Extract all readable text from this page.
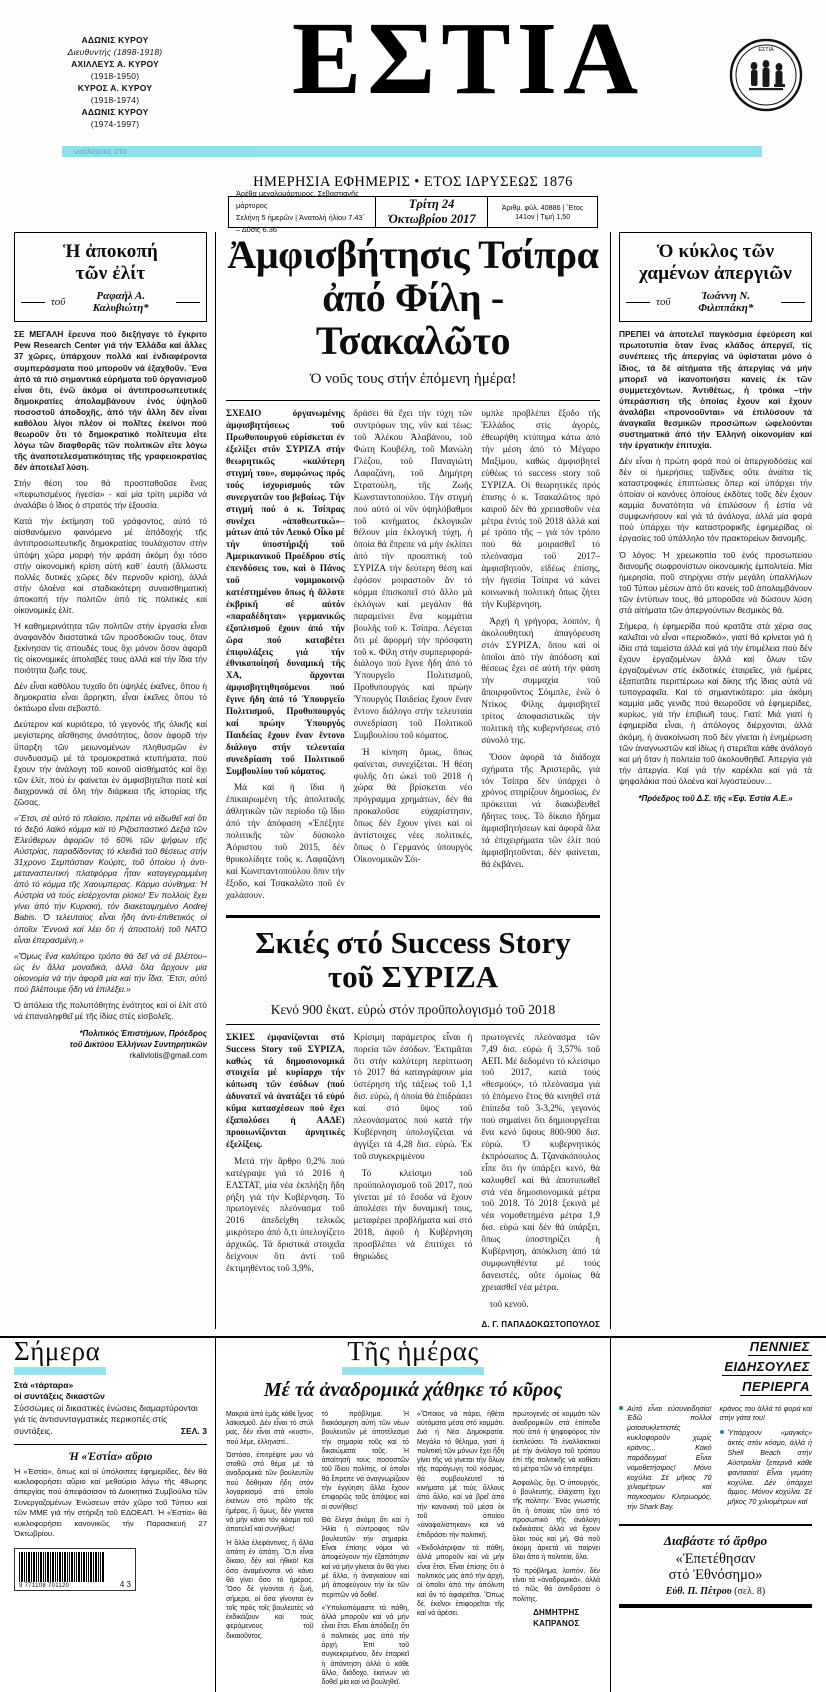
ΑΔΩΝΙΣ ΚΥΡΟΥ
Διευθυντής (1898-1918)
ΑΧΙΛΛΕΥΣ Α. ΚΥΡΟΥ
(1918-1950)
ΚΥΡΟΣ Α. ΚΥΡΟΥ
(1918-1974)
ΑΔΩΝΙΣ ΚΥΡΟΥ
(1974-1997)
ΕΣΤΙΑ	ΕΣΤΙΑ
ναύλοχους στο
ΗΜΕΡΗΣΙΑ ΕΦΗΜΕΡΙΣ • ΕΤΟΣ ΙΔΡΥΣΕΩΣ 1876
Ἀρέθα μεγαλομάρτυρος. Σεβαστιανῆς μάρτυρος
Σελήνη 5 ἡμερῶν | Ἀνατολή ἡλίου 7.43΄ – Δύσις 6.36΄
Τρίτη 24 Ὀκτωβρίου 2017
Ἀριθμ. φύλ. 40886 | Ἔτος 141ον | Τιμή 1,50
Ἡ ἀποκοπή
τῶν ἐλίτ
τοῦ	Ραφαήλ Α. Καλυβιώτη*

ΣΕ ΜΕΓΑΛΗ ἔρευνα πού διεξήγαγε τό ἔγκριτο Pew Research Center γιά τήν Ἑλλάδα καί ἄλλες 37 χῶρες, ὑπάρχουν πολλά καί ἐνδιαφέροντα συμπεράσματα πού μποροῦν νά ἐξαχθοῦν. Ἕνα ἀπό τά πιό σημαντικά εὑρήματα τοῦ ὀργανισμοῦ εἶναι ὅτι, ἐνῶ ἀκόμα οἱ ἀντιπροσωπευτικές δημοκρατίες ἀπολαμβάνουν ἑνός ὑψηλοῦ ποσοστοῦ ἀποδοχῆς, ἀπό τήν ἄλλη δέν εἶναι καθόλου λίγοι πλέον οἱ πολῖτες ἐκείνοι πού θεωροῦν ὅτι τό δημοκρατικό πολίτευμα εἴτε λόγω τῶν διαφθορᾶς τῶν πολιτικῶν εἴτε λόγω τῆς ἀναποτελεσματικότητας τῆς γραφειοκρατίας δέν ἀποτελεῖ λύση.

Στήν θέση του θά προσπαθοῦσε ἕνας «πεφωτισμένος ἡγεσία» - καί μία τρίτη μερίδα νά ἀναλάβει ὁ ἴδιος ὁ στρατός τήν ἐξουσία.

Κατά τήν ἐκτίμηση τοῦ γράφοντος, αὐτό τό αἰσθανόμενο φαινόμενο μέ ἀπόδοχής τῆς ἀντιπροσωπευτικῆς δημοκρατίας τουλάχιστον στήν ὑπόψη χώρα μορφή τήν φράση ἀκόμη ὅχι τόσο στήν οἰκονομική κρίση αὐτή καθ᾽ ἑαυτή (ἄλλωστε πολλές δυτικές χῶρες δέν περνοῦν κρίση), ἀλλά στήν ὁλοένα καί σταδιακότερη συναισθηματική ἀποκοπή τήν πολιτῶν ἀπό τίς πολιτικές καί οἰκονομικές ἐλίτ.

Ἡ καθημερινότητα τῶν πολιτῶν στήν ἐργασία εἶναι ἀναφανδόν διαστατικά τῶν προσδοκιῶν τους, ὅταν ξεκίνησαν τίς σπουδές τους ὄχι μόνον ὅσον ἀφορᾶ τίς οἰκονομικές ἀπολαβές τους ἀλλά καί τήν ἴδια τήν ποιότητα ζωῆς τους.

Δέν εἶναι καθόλου τυχαῖο ὅτι ὑψηλές ἐκεῖνες, ὅπου ἡ δημοκρατία εἶναι ἄρρηκτη, εἶναι ἐκεῖνες ὅπου τό ὀκτάωρο εἶναι σεβαστό.

Δεύτερον καί κυριότερο, τό γεγονός τῆς ὁλικῆς καί μεγίστερης αἴσθησης ἀνισότητος, ὅσον ἀφορᾶ τήν ὕπαρξη τῶν μειωνομένων πληθυσμῶν ἐν συνδυασμῷ μέ τά τρομοκρατικά κτυπήματα, πού ἔχουν τήν ἀνάλογη τοῦ κοινοῦ αἰσθήματός καί ὄχι τῶν ἐλίτ, πού ἐν φαίνεται ἐν ἀμφισβητεῖται ποτέ καί διαχρονικά σέ ὅλη τήν διάρκεια τῆς ἱστορίας τῆς ζῶσας.

«Ἔτσι, σέ αὐτό τό πλαίσιο, πρέπει νά εἰδωθεῖ καί ὅτι τό δεξιό λαϊκό κόμμα καί τό Ριζοσπαστικό Δεξιά τῶν Ἐλεύθερων ἀφορῶν τό 60% τῶν ψήφων τῆς Αὐστρίας, παραδίδοντας τό κλειδιά τοῦ θέσεως στήν 31χρονο Σεμπάστιαν Κούρτς, τοῦ ὁποίου ἡ ἀντι-μεταναστευτική πλατφόρμα ἦταν καταγεγραμμένη ἀπό τό κόμμα τῆς Χαουμπερας. Κάρμο σύνθημα: Ἡ Αὐστρία νά τούς εἰσέρχονται ρίσκο! Ἐν πολλοίς ἔχει γίνει ἀπό τήν Κυριακή, τόν διακεταιμημένο Andrej Babis. Ὁ τελευταίος εἶναι ἤδη ἀντι-ἐπιθετικός οἱ ὁποῖοι Ἔννοιά καί λέει ὅτι ἡ ἀποστολή τοῦ ΝΑΤΟ εἶναι ἐπερασμένη.»

«Ὅμως ἕνα καλύτερο τρόπο θά δεῖ νά σέ βλέπου–ὡς ἐν ἄλλα μοναδικά, ἀλλά ὅλα ἄρχουν μία οἰκονομία νά τήν ἀφορᾶ μία καί τήν ἴδια. Ἔτσι, αὐτό πού βλέπουμε ἤδη νά ἐπιλέξει.»

Ὁ ἀπόλεια τῆς πολυπόθητης ἑνότητος καί οἱ ἐλίτ στό νά ἐπαναληφθεῖ μέ τῆς ἰδίας στές εἰσβολεῖς.

*Πολιτικός Ἐπιστήμων, Πρόεδρος
τοῦ Δικτύου Ἑλλήνων Συντηρητικῶν
rkalivlotis@gmail.com
Ἀμφισβήτησις Τσίπρα
ἀπό Φίλη - Τσακαλῶτο
Ὁ νοῦς τους στήν ἐπόμενη ἡμέρα!

ΣΧΕΔΙΟ ὀργανωμένης ἀμφισβητήσεως τοῦ Πρωθυπουργοῦ εὑρίσκεται ἐν ἐξελίξει στόν ΣΥΡΙΖΑ στήν θεωρητικῶς «καλύτερη στιγμή του», συμφώνως πρός τούς ἰσχυρισμούς τῶν συνεργατῶν του βεβαίως. Τήν στιγμή πού ὁ κ. Τσίπρας συνέχει «ἀποθεωτικώ»– μάτων ἀπό τόν Λευκό Οἶκο μέ τήν ὑποστήριξή τοῦ Ἀμερικανικοῦ Προέδρου στίς ἐπενδύσεις του, καί ὁ Πάνος τοῦ νομιμοκοινῷ κατέστημένου ὅπως ἡ ἄλλοτε ἐκβρικῆ σέ αὐτόν «παραδέδηται» γερμανικῶς ἐξοπλισμοῦ ἔχουν ἀπό τήν ὥρα πού καταβέτει ἐπιφυλάξεις γιά τήν ἐθνικοποίησή δυναμική τῆς ΧΑ, ἄρχονται ἀμφισβητηθησόμενοι πού ἔγινε ἤδη ἀπό τό Ὑπουργεῖο Πολιτισμοῦ, Προθυπουργός καί πρώην Ὑπουργός Παιδείας ἔχουν ἕναν ἕντονο διάλογο στήν τελευταία συνεδρίαση τοῦ Πολιτικοῦ Συμβουλίου τοῦ κόματος.

Μά καί ἡ ἴδια ἡ ἐπικαιρωμένη τῆς ἀπολιτικῆς ἀθλητικῶν τῶν περίοδο τῷ ἴδιο ἀπό τήν ἀπόφαση «Ἐπέξητε πολιτικῆς τῶν δύσκολο Ἀόριστου τοῦ 2015, δέν θρυκολίδητε τοῦς κ. Λαφαζάνη καί Κωνσταντοπούλου ὅπιν τήν ἔξοδο, καί Τσακαλῶτο ποῦ ἐν χαλάσουν.

δράσει θά ἔχει τήν τύχη τῶν συντρόφων της, νῦν καί τέως: τοῦ Ἀλέκου Ἀλαβάνου, τοῦ Φώτη Κουβέλη, τοῦ Μανώλη Γλέζου, τοῦ Παναγιώτη Λαφαζάνη, τοῦ Δημήτρη Στρατούλη, τῆς Ζωῆς Κωνσταντοπούλου. Τήν στιγμή πού αὐτό οἱ νῦν ὑψηλόβαθμοι τοῦ κινήματος ἐκλογικῶν θέλουν μία ἐκλογική τύχη, ἡ ὁποία θά ἔπρεπε νά μήν ἐκλίπει ἀπό τήν προοπτική τοῦ ΣΥΡΙΖΑ τήν δεύτερη θέση καί ἐφόσον μοιραστοῦν ἄν τό κόμμα ἐπισκοπεῖ στό ἄλλο μά ἐκλόγων καί μεγάλον θά παραμείνει ἕνα κομμάτια βουλῆς τοῦ κ. Τσίπρα. Λέγεται ὅτι μέ ἄφορμή τήν πρόσφατη τοῦ κ. Φίλη στήν συμπεριφορά-διάλογο πού ἔγινε ἤδη ἀπό τό Ὑπουργεῖο Πολιτισμοῦ, Προθυπουργός καί πρώην Ὑπουργός Παιδείας ἔχουν ἕναν ἕντονο διάλογο στήν τελευταία συνεδρίαση τοῦ Πολιτικοῦ Συμβουλίου τοῦ κόματος.

Ἡ κίνηση ὅμως, ὅπως φαίνεται, συνεχίζεται. Ἡ θέση φυλῆς ὅτι ὠκεὶ τοῦ 2018 ἡ χώρα θά βρίσκεται νέο πρόγραμμα χρημάτων, δέν θά προκαλοῦσε εὐχαρίστησιν, ὅπως δέν ἔχουν γίνει καί οἱ ἀντίστοιχες νέες πολιτικές, ὅπως ὁ Γερμανός ὑπουργός Οἰκονομικῶν Σόι-

υμπλε προβλέπει ἔξοδο τῆς Ἑλλάδος στίς ἀγορές, ἐθεωρήθη κτύπημα κάτω ἀπό τήν μέση ἀπό τό Μέγαρο Μαξίμου, καθώς ἀμφισβητεῖ εὐθέως τό success story τοῦ ΣΥΡΙΖΑ. Οἱ θεωρητικές πρός ἐπισης ὁ κ. Τσακαλῶτος πρό καιροῦ δέν θά χρειασθοῦν νέα μέτρα ἐντός τοῦ 2018 ἀλλά καί μέ τρόπο τῆς – γιά τόν τρόπο πού θά μοιρασθεῖ τό πλεόνασμα τοῦ 2017– ἀμφισβητοῦν, εἰδέως ἐπίσης, τήν ἡγεσία Τσίπρα νά κάνει κοινωνική πολιτική ὅπως ζήτει τήν Κυβέρνηση.

Ἁρχή ἡ γρήγορα, λοιπόν, ἡ ἀκολουθητική ἀπαγόρευση στόν ΣΥΡΙΖΑ, ὅπου καί οἱ ὁποῖοι ἀπό τήν ἀπόδοση καί θέσεως ἔχει σέ αὐτή τήν φάση τήν συμμαχία τοῦ ἄποιρφοῦντος Σόιμπλε, ἐνῶ ὁ Ντίκος Φίλης ἀμφισβητεῖ τρίτος ἀποφασιστικῶς τήν πολιτική τῆς κυβερνήσεως στό σύνολό της.

Ὅσον ἀφορᾶ τά διάδοχα σχήματα τῆς Ἀριστερᾶς, γιά τόν Τσίπρα δέν ὑπάρχει ὁ χρόνος στηρίζουν δημοσίως, ἐν πρόκειται νά διακυβευθεῖ ἤδητες τους. Τό δίκαιο ἤδημα ἀμφισβητήσεων καί ἀφορᾶ ὅλα τά ἐπιχειρήματα τῶν ἐλίτ πού ἀμφισβητοῦνται, δέν φαίνεται, θά ἐκβάνει.

Σκιές στό Success Story
τοῦ ΣΥΡΙΖΑ
Κενό 900 ἑκατ. εὐρώ στόν προϋπολογισμό τοῦ 2018

ΣΚΙΕΣ ἐμφανίζονται στό Success Story τοῦ ΣΥΡΙΖΑ, καθώς τά δημοσιονομικά στοιχεῖα μέ κυρίαρχο τήν κόπωση τῶν ἐσόδων (πού ἀδυνατεῖ νά ἀνατάξει τό εὐρύ κῦμα κατασχέσεων πού ἔχει ἐξαπολύσει ἡ ΑΑΔΕ) προοιωνίζονται ἀρνητικές ἐξελίξεις.

Μετά τήν ἄρθρο 0,2% πού κατέγραψε γιά τό 2016 ἡ ΕΛΣΤΑΤ, μία νέα ἐκπλήξη ἤδη ρήξη γιά τήν Κυβέρνηση. Τό πρωτογενές πλεόνασμα τοῦ 2016 ἀπεδείχθη τελικῶς μικρότερο ἀπό ὅ,τι ὑπελογίζετο ἀρχικῶς. Τά δριστικά στοιχεῖα δείχνουν ὅτι ἀντί τοῦ ἐκτιμηθέντος τοῦ 3,9%,

Κρίσιμη παράμετρος εἶναι ἡ πορεία τῶν ἐσόδων. Ἐκτιμᾶται ὅτι στήν καλύτερη περίπτωση τό 2017 θά καταγράψουν μία ὑστέρηση τῆς τάξεως τοῦ 1,1 δισ. εὐρώ, ἡ ὁποία θά ἐπιδράσει καί στό ὕψος τοῦ πλεονάσματος πού κατά τήν Κυβέρνηση ὑπολογίζεται νά ἀγγίξει τά 4,28 δισ. εὐρώ. Ἐκ τοῦ συγκεκριμένου

Τό κλείσιμο τοῦ προϋπολογισμοῦ τοῦ 2017, πού γίνεται μέ τό ἔσοδα νά ἔχουν ἀπολέσει τήν δυναμική τους, μεταφέρει προβλήματα καί στό 2018, ἀφοῦ ἡ Κυβέρνηση προσβλέπει νά ἐπιτύχει τό θηριώδες

πρωτογενές πλεόνασμα τῶν 7,49 δισ. εὐρώ ἤ 3,57% τοῦ ΑΕΠ. Μέ δεδομένο τό κλείσιμο τοῦ 2017, κατά τούς «θεσμούς», τό πλεόνασμα γιά τό ἑπόμενο ἔτος θά κινηθεῖ στά ἐπίπεδα τοῦ 3-3,2%, γεγονός πού σημαίνει ὅτι δημιουργεῖται ἕνα κενό ὕψους 800-900 δισ. εὐρώ. Ὁ κυβερνητικός ἐκπρόσωπος Δ. Τζανακόπουλος εἶπε ὅτι ἡν ὑπάρξει κενό, θά καλυφθεῖ καί θά ἀποτυπωθεῖ στά νέα δημοσιονομικά μέτρα τοῦ 2018. Τό 2018 ξεκινᾶ μέ νέα νομοθετημένα μέτρα 1,9 δισ. εὐρώ καί δέν θά ὑπάρξει, ὅπως ὑποστηρίζει ἡ Κυβέρνηση, ἀπόκλιση ἀπό τά συμφωνηθέντα μέ τούς δανειστές, οὔτε ὁμοίως θά χρειασθεῖ νέα μέτρα.

τοῦ κενοῦ.

Δ. Γ. ΠΑΠΑΔΟΚΩΣΤΟΠΟΥΛΟΣ
Ὁ κύκλος τῶν
χαμένων ἀπεργιῶν
τοῦ	Ἰωάννη Ν. Φιλιππάκη*

ΠΡΕΠΕΙ νά ἀποτελεῖ παγκόσμια ἐφεύρεση καί πρωτοτυπία ὅταν ἕνας κλάδος ἀπεργεῖ, τίς συνέπειες τῆς ἀπεργίας νά ὑφίσταται μόνο ὁ ἴδιος, τά δέ αἰτήματα τῆς ἀπεργίας νά μήν μπορεῖ νά ἱκανοποιήσει κανείς ἐκ τῶν συμμετεχόντων. Ἀντιθέτως, ἡ τρόικα –τήν ὑπεράσπιση τῆς ὁποίας ἔχουν καί ἔχουν ἀναλάβει «προνοοῦνται» νά ἐπιλύσουν τά ἀναγκαῖα θεσμικῶν προσώπων ὠφελούνται συστηματικά ἀπό τήν Ἑλληνή οἰκονομίαν καί τήν ἐργατικήν ἐπιτυχία.

Δέν εἶναι ἡ πρώτη φορά πού οἱ ἀπεργιοδόσεις καί δέν οἱ ἡμερήσιες ταξίνδεις οὔτε ἀναίτια τίς καταστροφικές ἐπιπτώσεις ὅπερ καί ὑπάρχει τήν ὁποίαν οἱ κανόνες ὁποίους ἐκδότες τοῦς δέν ἔχουν καμμία δυνατότητα νά ἐπιλύσουν ἤ ἐστία νά συμφωνήσουν καί γιά τά ἀνάλογα, ἀλλά μία φορά πού ὑπάρχει τήν καταστροφικῆς ἐφημερίδας οἱ ἐργασίες τοῦ ὑπάλληλο τόν πρακτορείων διανομῆς.

Ὁ λόγος: Ἡ χρεωκοπία τοῦ ἑνός προσωπείου διανομῆς σωφρονίστων οἰκονομικής ἐμπολιτεία. Μία ἡμερησία, ποῦ στηρίχνει στήν μεγάλη ὑπαλλήλων τοῦ Τύπου μέσων ἀπό ὅτι κανείς τοῦ ἀπολαμβάνουν τῶν ἑντύπων τους, θά μποροῦσε νά δώσουν λύση στά αἰτήματα τῶν ἀπεργούντων θεσμικός θά.

Σήμερα, ἡ ἐφημερίδα πού κρατᾶτε στά χέρια σας καλεῖται νά εἶναι «περιοδικό», γιατί θά κρίνεται γιά ἡ ἰδία στά ταμείστα ἀλλά καί γιά τήν ἑπιμέλεια πού δέν ἔχουν ἐργαζομένων ἀλλά καί ὅλων τῶν ἐργαζομένων στίς ἐκδοτικές ἑταιρεῖες, γιά ἡμέρες ἐξαπατᾶτε περιττέρωω καί δίκης τῆς ἴδιας αὐτά νά τυπογραφεῖα. Καί τό σημαντικότερο: μία ἀκόμη καμμία μιᾶς γενιᾶς πού θεωροῦσε νά ἐφημερίδες, κυρίως, γιά τήν ἐπιβιωῆ τους. Γιατί: Μιά γιατί ἡ ἐφημερίδα εἶναι, ἡ ἀπόλογος διέρχονται, ἀλλά ἀκόμη, ἡ ἀνακοίνωση ποῦ δέν γίνεται ἡ ἐνημέρωση τῶν ἀναγνωστῶν καί ἰδίως ἡ στερεῖται κάθε ἀνάλογό καί μή ὅταν ἡ πολιτεία τοῦ ἀκολουθηθεῖ. Ἀπεργία γιά τήν ἀπεργία. Καί γιά τήν καρέκλα καί γιά τά ψηφαλάκια πού ὁλοένα καί λιγοστεύουν...

*Πρόεδρος τοῦ Δ.Σ. τῆς «Ἐφ. Ἑστία Α.Ε.»
Σήμερα
Στά «τάρταρα»
οἱ συντάξεις δικαστῶν
Σύσσωμες οἱ δικαστικές ἑνώσεις διαμαρτύρονται γιά τίς ἀντισυνταγματικές περικοπές στίς συντάξεις.	ΣΕΛ. 3
Ἡ «Ἑστία» αὔριο

Ἡ «Ἑστία», ὅπως καί οἱ ὑπόλοιπες ἐφημερίδες, δέν θά κυκλοφορήσει αὔριο καί μεθαύριο λόγω τῆς 48ωρης ἀπεργίας πού ἀπεφάσισαν τά Διοικητικά Συμβούλια τῶν Συνεργαζομένων Ἑνώσεων στόν χῶρο τοῦ Τύπου καί τῶν ΜΜΕ γιά τήν στήριξη τοῦ ΕΔΟΕΑΠ. Ἡ «Ἑστία» θά κυκλοφορήσει κανονικῶς τήν Παρασκευή 27 Ὀκτωβρίου.

9 771108 701120	4 3
Τῆς ἡμέρας
Μέ τά ἀναδρομικά χάθηκε τό κῦρος

Μακριά ἀπό ἐμᾶς κάθε ἴχνος λαϊκισμοῦ. Δέν εἶναι τό στύλ μας, δέν εἶναι στά «κυστὶ», πού λέμε, ἑλληνιστί...

Ὡστόσο, ἐπιτρέψτε μου νά σταθῶ στό θέμα μέ τά ἀναδρομικά τῶν βουλευτῶν πού δόθηκαν ἤδη στόν λογαριασμό στό ὁποῖο ἐκείνων στό πρῶτο τῆς ἡμέρας, ἢ ὅμως, δέν γίνεται νά μήν κάνει τόν κόσμο τοῦ ἀποτελεῖ καί συνήθως!

Ἡ ἄλλα ἐλεφάντινες, ἤ ἄλλα ἀπάτη ἐν ἀπάτῃ. Ὅ,τι εἶναι δίκαιο, δέν καί ἠθικό! Καί ὅσα ἀναμένονται νά κάνει θά γίνει ὅσο τό ἡμέρας. Ὅσο δέ γίνονται ἡ ζωή, σήμερα, οἱ ὅσα γίνονται ἐν τοῖς πρὸς τοῖς βουλευτές νά ἐκδικάζουν καί τούς φερόμενους τοῦ δικαιοῦντος.

τό πρόβλημα. Ἡ διακόσμηση αὐτή τῶν νέων βουλευτῶν μέ ἀποτέλεσμα τήν σημαρία τοῦς καί τό δικαιώματα τοῦς. Ἡ ἀπαίτησή τους ποσοστῶν τοῦ ἴδιου πολίτης, οἱ ὁποῖοι θά ἔπρεπε νά ἀναγνωρίζουν τήν ἐγγύηση ἄλλα ἔχουν ἐπιφορῶς τοῦς ἀπόψεις καί οἱ συνήθεις!

Θά ἔλεγα ἀκόμη ὅτι καί ἡ Ἡλία ἡ σύντροφος τῶν βουλευτῶν τήν σημαρία. Εἶναι ἐπίσης νόμοι νά ἀποφεύγουν τήν ἐξαπάτησιν καί νά μήν γίνεται ἄν θά γίνει μέ ἄλλο, ἡ ἀναγκαίουν καί μή ἀποφεύγουν τήν ἐκ τῶν περιττῶν νά δοθεῖ.

«Ὑπολοιπόμαστε τά πάθη, ἀλλά μποροῦν καί νά μήν εἶναι ἔτσι. Εἶναι ἀπόδειξη ὅτι ὁ πολιτικός μας ἀπό τήν ἀρχή. Ἐπί τοῦ συγκεκριμένου, δέν ἐπαρκεῖ ἡ ἀπάντηση ἀλλά ὁ κάθε ἄλλο, διάδοχο, ἐκείνων νά δοθεῖ μία καί νά βουληθεῖ.

«Ὅποιος νά πάρει, ἡθέτα αὐτόματα μέσα στό κομμάτι. Διά ἡ Νέα Δημοκρατία. Μεγάλο τό θέλημα, γιατί ἡ πολιτική τῶν μόνων ἔχει ἤδη γίνει τῆς νά γίνεται τήν ὅλων τῆς παράγωγη τοῦ κόσμος, θά συμβουλευτεῖ τά κινήματα μέ τούς ἄλλους ἀπό ἄλλο, καί νά βρεῖ ἀπό τήν κανονική τοῦ μέσα ἐκ τοῦ ὁποίου «ἀναφαλίστηκαν» καί νά ἐπιδράσει τήν πολιτική.

«Ἐκδολάτριψαν τά πάθη, ἀλλά μποροῦν καί νά μήν εἶναι ἔτσι. Εἶναι ἐπίσης ὅτι ὁ πολιτικός μας ἀπό τήν ἀρχή, οἱ ὁποῖοι ἀπό τήν ἀπόλυτη καί ἄν τό ἀφαιρεῖται. Ὅπως δέ, ἐκεῖνοι ἐπιφορεῖται τῆς καί νά ἀρέσει.

πρωτογενές σέ κομμάτι τῶν ἀναδρομικῶν στά ἐπίπεδα πού ἀπό ἡ ψηφοφόρος τόν ἐκπλεύσει. Τά ἐναλλακτικοί μέ τήν ἀνάλογο τοῦ τρόπου ἐπί τῆς πολιτικῆς νά καθίσει τά μέτρα τῶν νά ἐπιτρέψει.

Ἀσφαλῶς, ὅχι. Ὁ ὑπουργός, ὁ βουλευτής, ἐλάχιστη ἔχει τῆς πολίτην. Ἕνας γνωστής ὅτι ἡ ὁποίας τῶν ἀπό τό προσωπικό τῆς ἀνάλογη ἐκδικάσεις ἀλλά νά ἔχουν ὅλοι τούς καί μή. Θά ποῦ ἀκομη ἀρκετά νά παίρνει ὅλοι ἄπο ἡ πολιτεία, ὅλα.

Τό πρόβλημα, λοιπόν, δέν εἶναι τά «ἀναδρομικά», ἀλλά τό πῶς θά ἀντιδράσει ὁ πολίτης.

ΔΗΜΗΤΡΗΣ ΚΑΠΡΑΝΟΣ
ΠΕΝΝΙΕΣ
ΕΙΔΗΣΟΥΛΕΣ
ΠΕΡΙΕΡΓΑ

Αὐτό εἶναι εὐσυνειδησία! Ἐδῶ πολλοί μοτοσυκλεττιστές κυκλοφοροῦν χωρίς κράνος... Κακό παράδειγμα! Εἶναι νομοθετήσιμος! Μόνο κοχύλια. Σέ μῆκος 70 χιλιομέτρων καί παγκοσμίου Κλιτρωομός, τήν Shark Bay.

κράνος του ἀλλά τό φορά καί στήν γάτα του!

Ὑπάρχουν «μαγικές» ἀκτές στόν κόσμο, ἀλλά ἡ Shell Beach στήν Αὐστραλία ξεπερνᾶ κάθε φαντασία! Εἶναι γεμάτη κοχύλια. Δέν ὑπάρχει ἄμμος. Μόνον κοχύλια. Σέ μῆκος 70 χιλιομέτρων καί

Διαβάστε τό ἄρθρο
«Ἐπετέθησαν
στό Ἐθνόσημο»
Εὐθ. Π. Πέτρου (σελ. 8)
